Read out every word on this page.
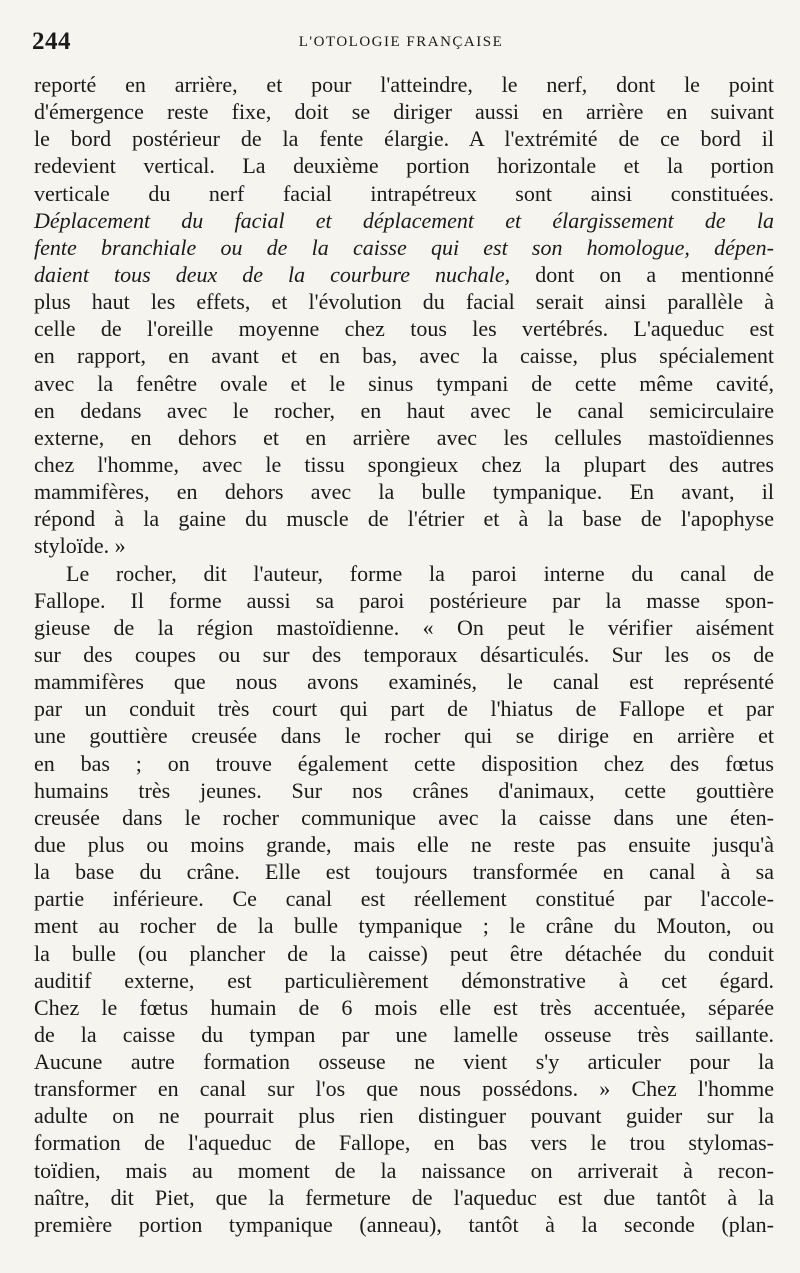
244	L'OTOLOGIE FRANÇAISE
reporté en arrière, et pour l'atteindre, le nerf, dont le point
d'émergence reste fixe, doit se diriger aussi en arrière en suivant
le bord postérieur de la fente élargie. A l'extrémité de ce bord il
redevient vertical. La deuxième portion horizontale et la portion
verticale du nerf facial intrapétreux sont ainsi constituées.
Déplacement du facial et déplacement et élargissement de la
fente branchiale ou de la caisse qui est son homologue, dépen-
daient tous deux de la courbure nuchale, dont on a mentionné
plus haut les effets, et l'évolution du facial serait ainsi parallèle à
celle de l'oreille moyenne chez tous les vertébrés. L'aqueduc est
en rapport, en avant et en bas, avec la caisse, plus spécialement
avec la fenêtre ovale et le sinus tympani de cette même cavité,
en dedans avec le rocher, en haut avec le canal semicirculaire
externe, en dehors et en arrière avec les cellules mastoïdiennes
chez l'homme, avec le tissu spongieux chez la plupart des autres
mammifères, en dehors avec la bulle tympanique. En avant, il
répond à la gaine du muscle de l'étrier et à la base de l'apophyse
styloïde. »
Le rocher, dit l'auteur, forme la paroi interne du canal de
Fallope. Il forme aussi sa paroi postérieure par la masse spon-
gieuse de la région mastoïdienne. « On peut le vérifier aisément
sur des coupes ou sur des temporaux désarticulés. Sur les os de
mammifères que nous avons examinés, le canal est représenté
par un conduit très court qui part de l'hiatus de Fallope et par
une gouttière creusée dans le rocher qui se dirige en arrière et
en bas ; on trouve également cette disposition chez des fœtus
humains très jeunes. Sur nos crânes d'animaux, cette gouttière
creusée dans le rocher communique avec la caisse dans une éten-
due plus ou moins grande, mais elle ne reste pas ensuite jusqu'à
la base du crâne. Elle est toujours transformée en canal à sa
partie inférieure. Ce canal est réellement constitué par l'accole-
ment au rocher de la bulle tympanique ; le crâne du Mouton, ou
la bulle (ou plancher de la caisse) peut être détachée du conduit
auditif externe, est particulièrement démonstrative à cet égard.
Chez le fœtus humain de 6 mois elle est très accentuée, séparée
de la caisse du tympan par une lamelle osseuse très saillante.
Aucune autre formation osseuse ne vient s'y articuler pour la
transformer en canal sur l'os que nous possédons. » Chez l'homme
adulte on ne pourrait plus rien distinguer pouvant guider sur la
formation de l'aqueduc de Fallope, en bas vers le trou stylomas-
toïdien, mais au moment de la naissance on arriverait à recon-
naître, dit Piet, que la fermeture de l'aqueduc est due tantôt à la
première portion tympanique (anneau), tantôt à la seconde (plan-
